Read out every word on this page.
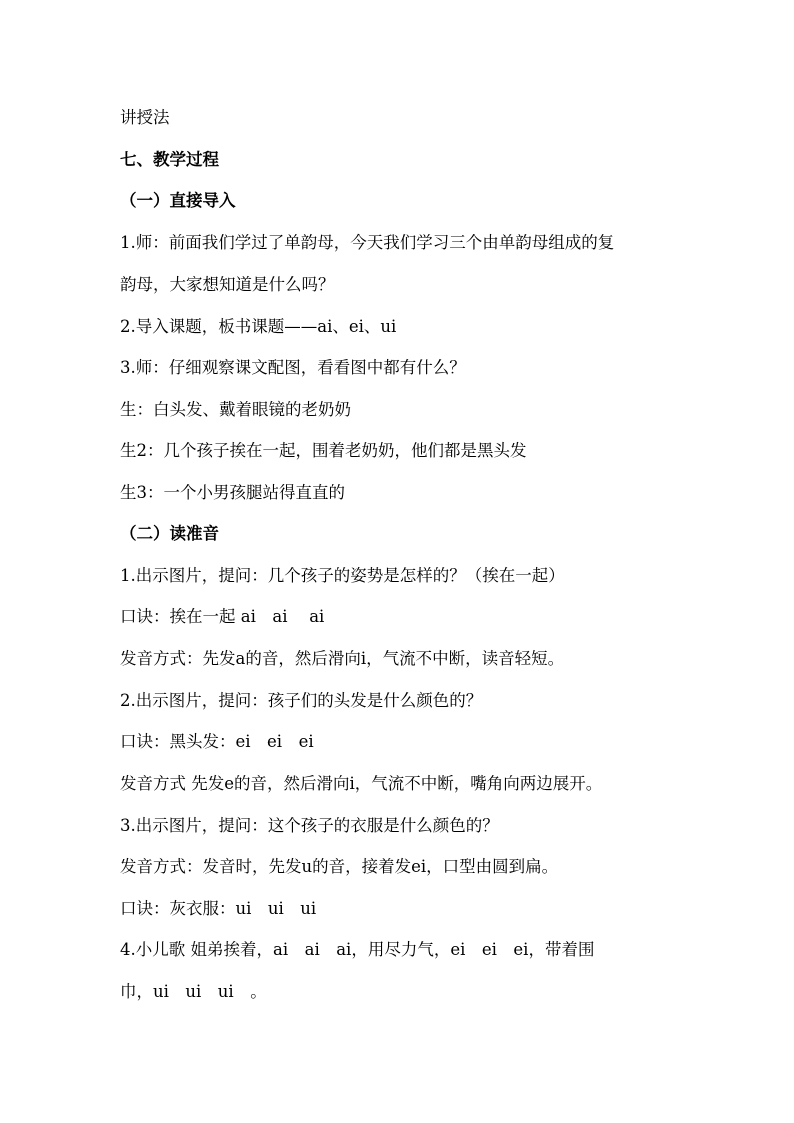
讲授法
七、教学过程
（一）直接导入
1.师：前面我们学过了单韵母，今天我们学习三个由单韵母组成的复
韵母，大家想知道是什么吗？
2.导入课题，板书课题——ai、ei、ui
3.师：仔细观察课文配图，看看图中都有什么？
生：白头发、戴着眼镜的老奶奶
生2：几个孩子挨在一起，围着老奶奶，他们都是黑头发
生3：一个小男孩腿站得直直的
（二）读准音
1.出示图片，提问：几个孩子的姿势是怎样的？（挨在一起）
口诀：挨在一起 ai　ai　 ai
发音方式：先发a的音，然后滑向i，气流不中断，读音轻短。
2.出示图片，提问：孩子们的头发是什么颜色的？
口诀：黑头发：ei　ei　ei
发音方式 先发e的音，然后滑向i，气流不中断，嘴角向两边展开。
3.出示图片，提问：这个孩子的衣服是什么颜色的？
发音方式：发音时，先发u的音，接着发ei，口型由圆到扁。
口诀：灰衣服：ui　ui　ui
4.小儿歌 姐弟挨着，ai　ai　ai，用尽力气，ei　ei　ei，带着围
巾，ui　ui　ui　。
